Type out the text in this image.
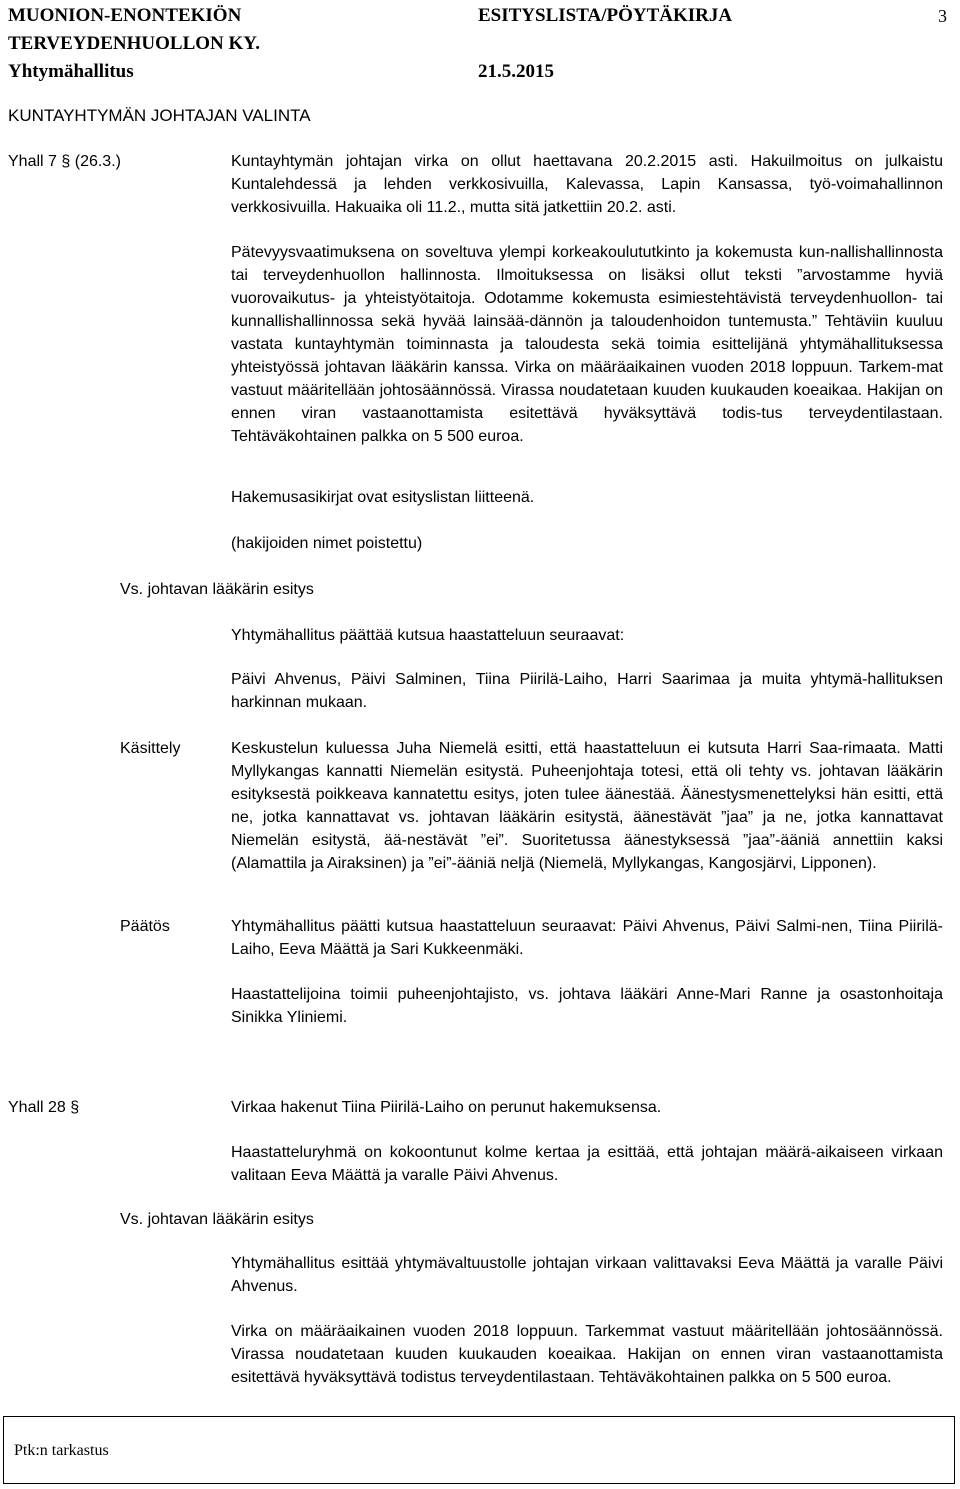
MUONION-ENONTEKIÖN
TERVEYDENHUOLLON KY.
Yhtymähallitus
ESITYSLISTA/PÖYTÄKIRJA
21.5.2015
3
KUNTAYHTYMÄN JOHTAJAN VALINTA
Yhall 7 § (26.3.)	Kuntayhtymän johtajan virka on ollut haettavana 20.2.2015 asti. Hakuilmoitus on julkaistu Kuntalehdessä ja lehden verkkosivuilla, Kalevassa, Lapin Kansassa, työ-voimahallinnon verkkosivuilla. Hakuaika oli 11.2., mutta sitä jatkettiin 20.2. asti.

Pätevyysvaatimuksena on soveltuva ylempi korkeakoulututkinto ja kokemusta kun-nallishallinnosta tai terveydenhuollon hallinnosta. Ilmoituksessa on lisäksi ollut teksti ”arvostamme hyviä vuorovaikutus- ja yhteistyötaitoja. Odotamme kokemusta esimiestehtävistä terveydenhuollon- tai kunnallishallinnossa sekä hyvää lainsää-dännön ja taloudenhoidon tuntemusta.” Tehtäviin kuuluu vastata kuntayhtymän toiminnasta ja taloudesta sekä toimia esittelijänä yhtymähallituksessa yhteistyössä johtavan lääkärin kanssa. Virka on määräaikainen vuoden 2018 loppuun. Tarkem-mat vastuut määritellään johtosäännössä. Virassa noudatetaan kuuden kuukauden koeaikaa. Hakijan on ennen viran vastaanottamista esitettävä hyväksyttävä todis-tus terveydentilastaan. Tehtäväkohtainen palkka on 5 500 euroa.

Hakemusasikirjat ovat esityslistan liitteenä.

(hakijoiden nimet poistettu)

Vs. johtavan lääkärin esitys

Yhtymähallitus päättää kutsua haastatteluun seuraavat:

Päivi Ahvenus, Päivi Salminen, Tiina Piirilä-Laiho, Harri Saarimaa ja muita yhtymä-hallituksen harkinnan mukaan.

Käsittely	Keskustelun kuluessa Juha Niemelä esitti, että haastatteluun ei kutsuta Harri Saa-rimaata. Matti Myllykangas kannatti Niemelän esitystä. Puheenjohtaja totesi, että oli tehty vs. johtavan lääkärin esityksestä poikkeava kannatettu esitys, joten tulee äänestää. Äänestysmenettelyksi hän esitti, että ne, jotka kannattavat vs. johtavan lääkärin esitystä, äänestävät ”jaa” ja ne, jotka kannattavat Niemelän esitystä, ää-nestävät ”ei”. Suoritetussa äänestyksessä ”jaa”-ääniä annettiin kaksi (Alamattila ja Airaksinen) ja ”ei”-ääniä neljä (Niemelä, Myllykangas, Kangosjärvi, Lipponen).

Päätös	Yhtymähallitus päätti kutsua haastatteluun seuraavat: Päivi Ahvenus, Päivi Salmi-nen, Tiina Piirilä-Laiho, Eeva Määttä ja Sari Kukkeenmäki.

Haastattelijoina toimii puheenjohtajisto, vs. johtava lääkäri Anne-Mari Ranne ja osastonhoitaja Sinikka Yliniemi.

Yhall 28 §	Virkaa hakenut Tiina Piirilä-Laiho on perunut hakemuksensa.

Haastatteluryhmä on kokoontunut kolme kertaa ja esittää, että johtajan määrä-aikaiseen virkaan valitaan Eeva Määttä ja varalle Päivi Ahvenus.

Vs. johtavan lääkärin esitys

Yhtymähallitus esittää yhtymävaltuustolle johtajan virkaan valittavaksi Eeva Määttä ja varalle Päivi Ahvenus.

Virka on määräaikainen vuoden 2018 loppuun. Tarkemmat vastuut määritellään johtosäännössä. Virassa noudatetaan kuuden kuukauden koeaikaa. Hakijan on ennen viran vastaanottamista esitettävä hyväksyttävä todistus terveydentilastaan. Tehtäväkohtainen palkka on 5 500 euroa.

Ptk:n tarkastus
